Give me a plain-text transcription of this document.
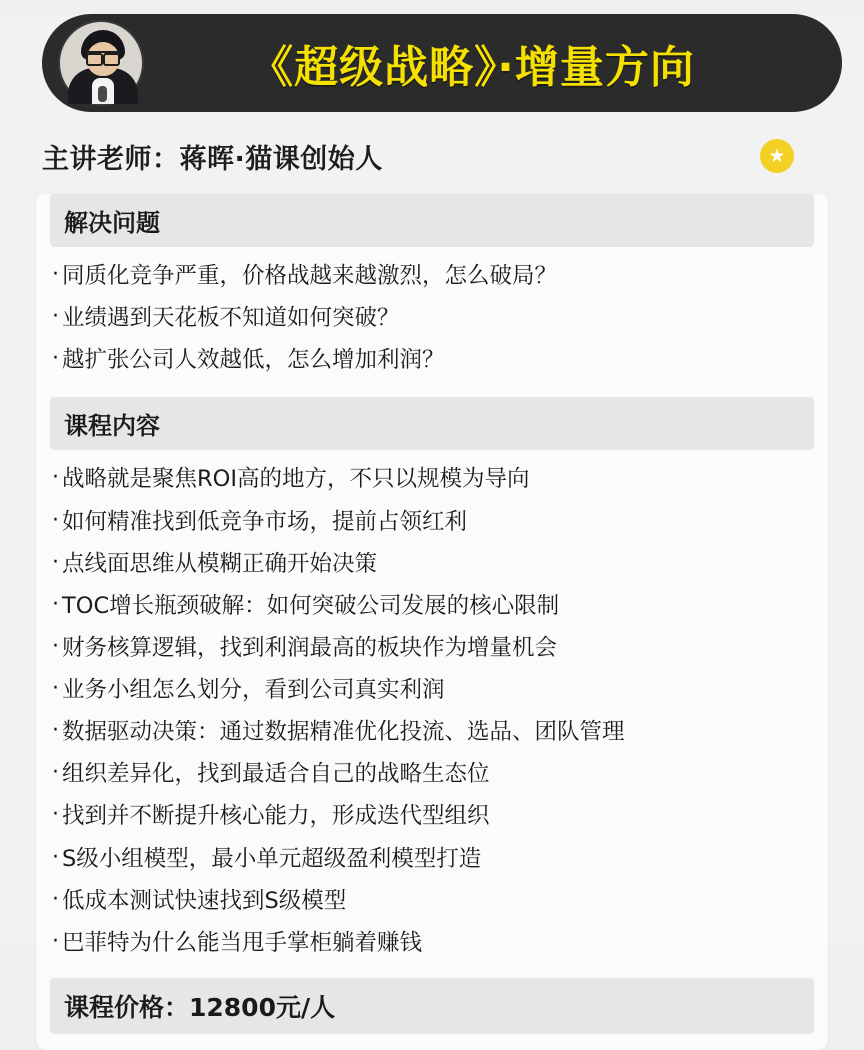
《超级战略》·增量方向
主讲老师：蒋晖·猫课创始人	★
解决问题
· 同质化竞争严重，价格战越来越激烈，怎么破局？
· 业绩遇到天花板不知道如何突破？
· 越扩张公司人效越低，怎么增加利润？
课程内容
· 战略就是聚焦ROI高的地方，不只以规模为导向
· 如何精准找到低竞争市场，提前占领红利
· 点线面思维从模糊正确开始决策
· TOC增长瓶颈破解：如何突破公司发展的核心限制
· 财务核算逻辑，找到利润最高的板块作为增量机会
· 业务小组怎么划分，看到公司真实利润
· 数据驱动决策：通过数据精准优化投流、选品、团队管理
· 组织差异化，找到最适合自己的战略生态位
· 找到并不断提升核心能力，形成迭代型组织
· S级小组模型，最小单元超级盈利模型打造
· 低成本测试快速找到S级模型
· 巴菲特为什么能当甩手掌柜躺着赚钱
课程价格：12800元/人
